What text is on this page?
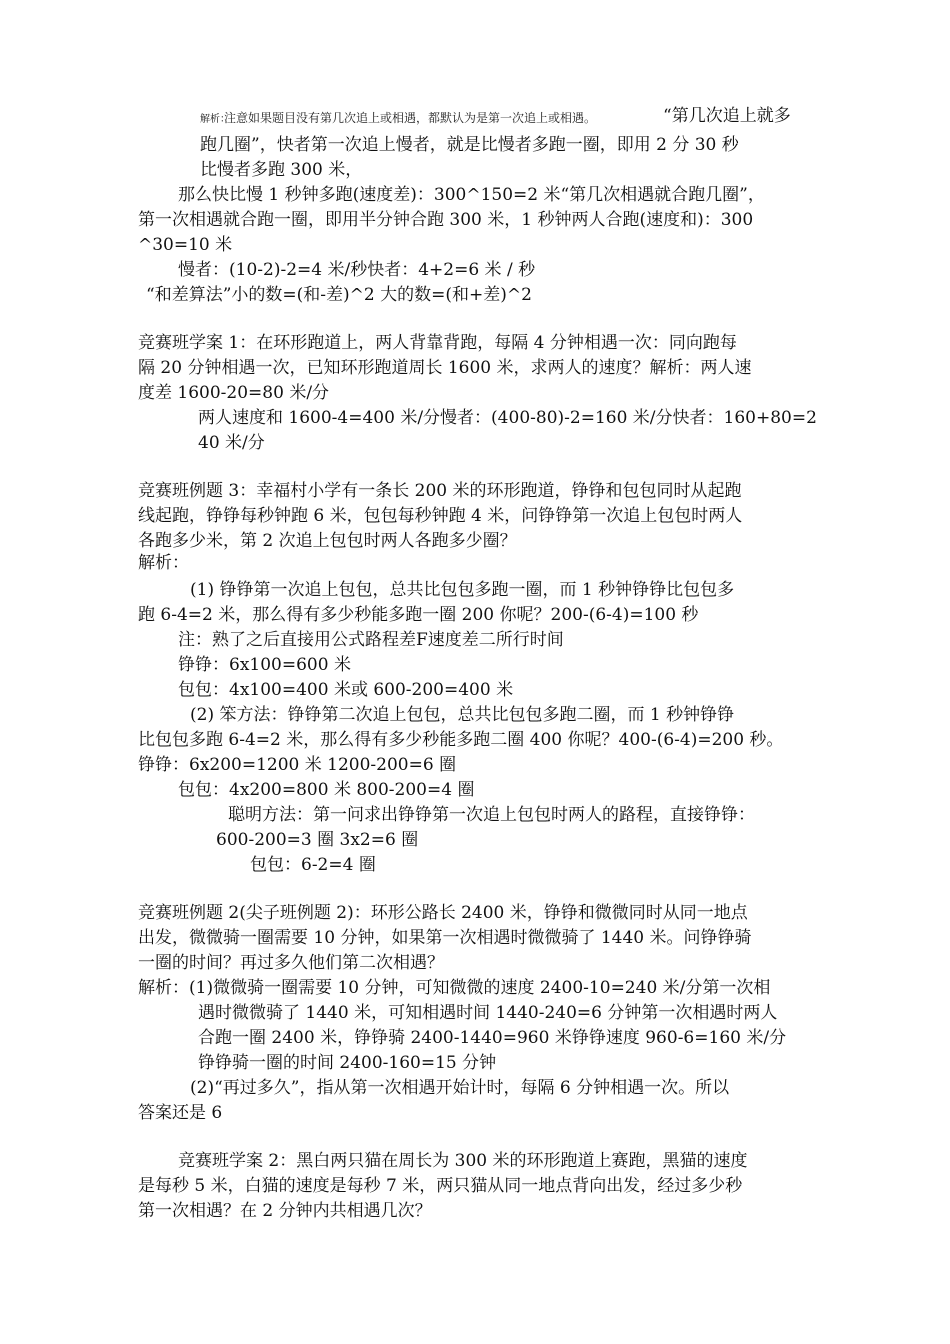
解析：
注意如果题目没有第几次追上或相遇，都默认为是第一次追上或相遇。	“第几次追上就多
跑几圈”，快者第一次追上慢者，就是比慢者多跑一圈，即用 2 分 30 秒
比慢者多跑 300 米，
那么快比慢 1 秒钟多跑(速度差)：300^150=2 米“第几次相遇就合跑几圈”，
第一次相遇就合跑一圈，即用半分钟合跑 300 米，1 秒钟两人合跑(速度和)：300
^30=10 米
慢者：(10-2)-2=4 米/秒快者：4+2=6 米 / 秒
“和差算法”小的数=(和-差)^2 大的数=(和+差)^2
竞赛班学案 1：在环形跑道上，两人背靠背跑，每隔 4 分钟相遇一次：同向跑每
隔 20 分钟相遇一次，已知环形跑道周长 1600 米，求两人的速度？解析：两人速
度差 1600-20=80 米/分
两人速度和 1600-4=400 米/分慢者：(400-80)-2=160 米/分快者：160+80=2
40 米/分
竞赛班例题 3：幸福村小学有一条长 200 米的环形跑道，铮铮和包包同时从起跑
线起跑，铮铮每秒钟跑 6 米，包包每秒钟跑 4 米，问铮铮第一次追上包包时两人
各跑多少米，第 2 次追上包包时两人各跑多少圈？
解析：
(1) 铮铮第一次追上包包，总共比包包多跑一圈，而 1 秒钟铮铮比包包多
跑 6-4=2 米，那么得有多少秒能多跑一圈 200 你呢？200-(6-4)=100 秒
注：熟了之后直接用公式路程差F速度差二所行时间
铮铮：6x100=600 米
包包：4x100=400 米或 600-200=400 米
(2) 笨方法：铮铮第二次追上包包，总共比包包多跑二圈，而 1 秒钟铮铮
比包包多跑 6-4=2 米，那么得有多少秒能多跑二圈 400 你呢？400-(6-4)=200 秒。
铮铮：6x200=1200 米 1200-200=6 圈
包包：4x200=800 米 800-200=4 圈
聪明方法：第一问求出铮铮第一次追上包包时两人的路程，直接铮铮：
600-200=3 圈 3x2=6 圈
包包：6-2=4 圈
竞赛班例题 2(尖子班例题 2)：环形公路长 2400 米，铮铮和微微同时从同一地点
出发，微微骑一圈需要 10 分钟，如果第一次相遇时微微骑了 1440 米。问铮铮骑
一圈的时间？再过多久他们第二次相遇？
解析：(1)微微骑一圈需要 10 分钟，可知微微的速度 2400-10=240 米/分第一次相
遇时微微骑了 1440 米，可知相遇时间 1440-240=6 分钟第一次相遇时两人
合跑一圈 2400 米，铮铮骑 2400-1440=960 米铮铮速度 960-6=160 米/分
铮铮骑一圈的时间 2400-160=15 分钟
(2)“再过多久”，指从第一次相遇开始计时，每隔 6 分钟相遇一次。所以
答案还是 6
竞赛班学案 2：黑白两只猫在周长为 300 米的环形跑道上赛跑，黑猫的速度
是每秒 5 米，白猫的速度是每秒 7 米，两只猫从同一地点背向出发，经过多少秒
第一次相遇？在 2 分钟内共相遇几次？
